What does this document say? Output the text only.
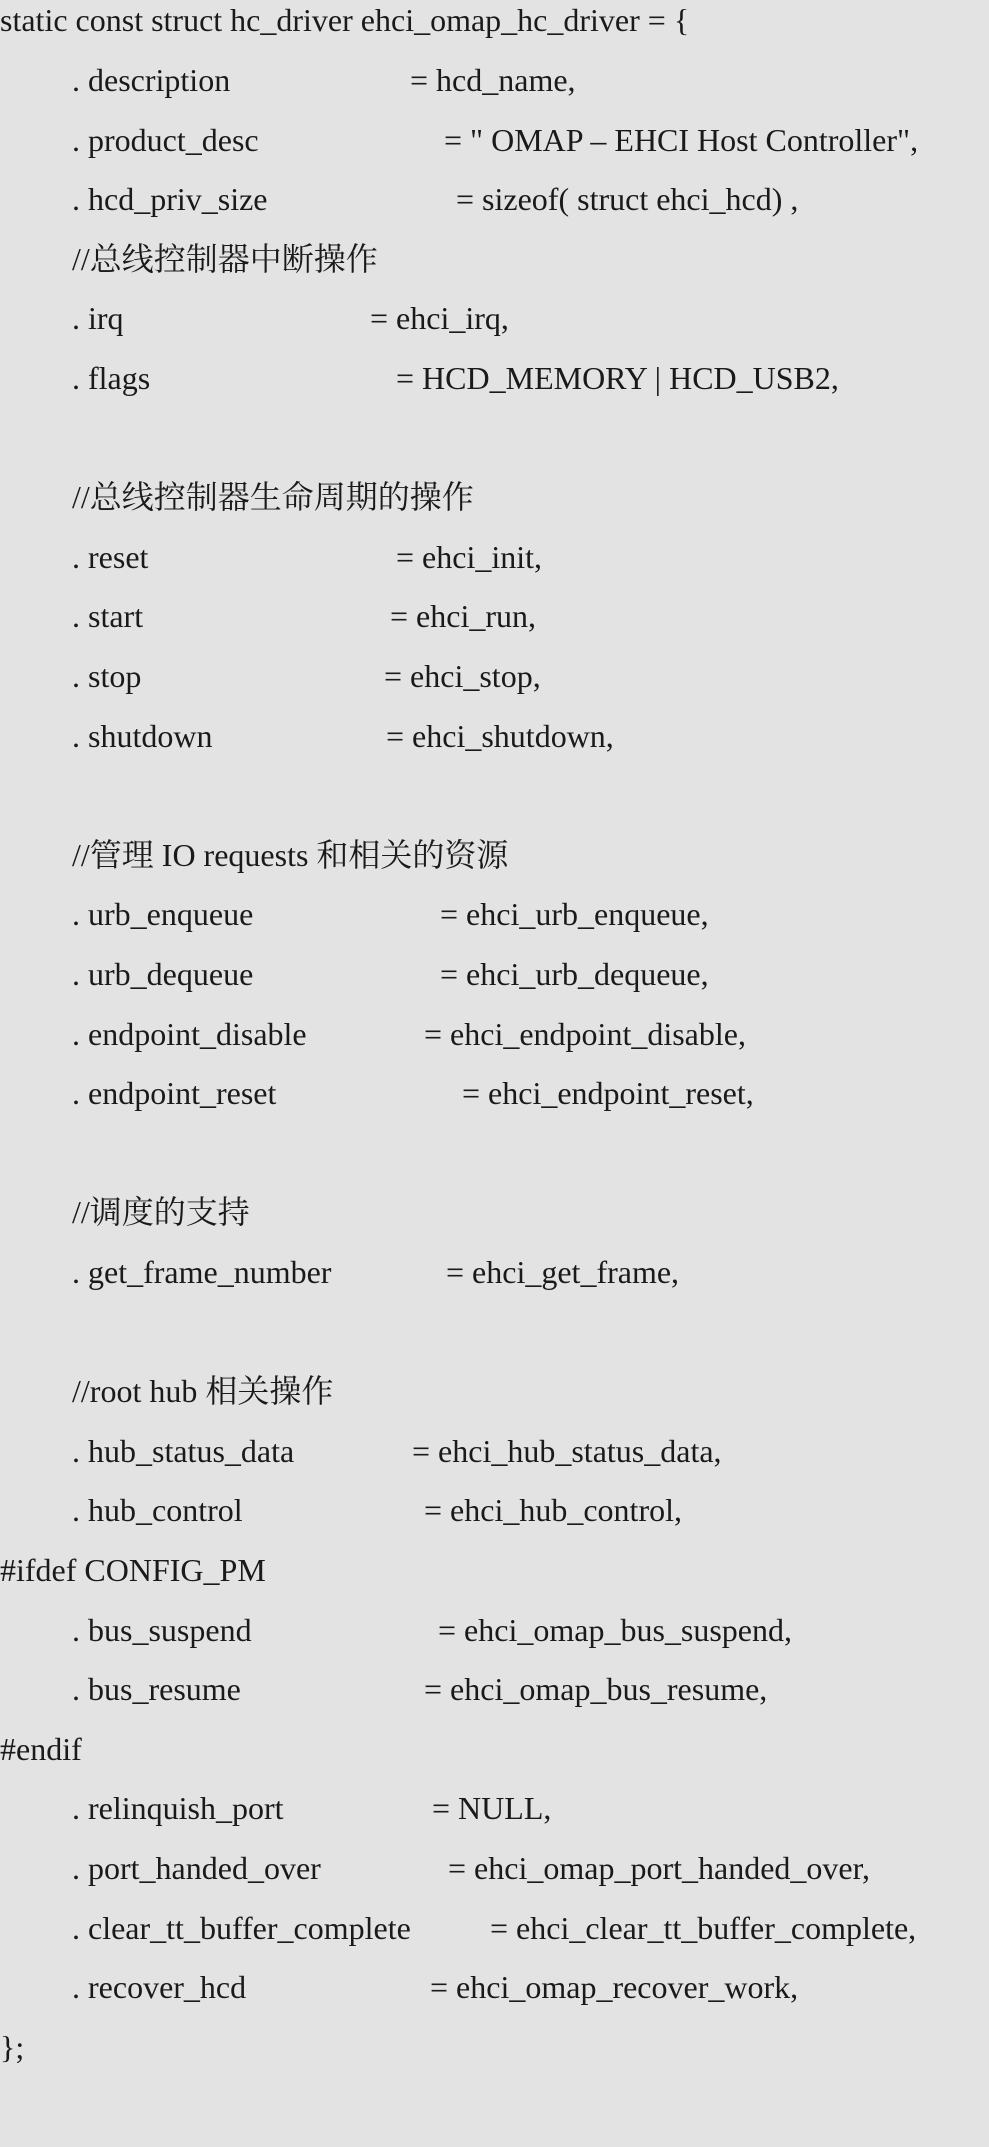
static const struct hc_driver ehci_omap_hc_driver = {

. description	= hcd_name,
. product_desc	= " OMAP – EHCI Host Controller",
. hcd_priv_size	= sizeof( struct ehci_hcd) ,
//总线控制器中断操作
. irq	= ehci_irq,
. flags	= HCD_MEMORY | HCD_USB2,
//总线控制器生命周期的操作
. reset	= ehci_init,
. start	= ehci_run,
. stop	= ehci_stop,
. shutdown	= ehci_shutdown,
//管理 IO requests 和相关的资源
. urb_enqueue	= ehci_urb_enqueue,
. urb_dequeue	= ehci_urb_dequeue,
. endpoint_disable	= ehci_endpoint_disable,
. endpoint_reset	= ehci_endpoint_reset,
//调度的支持
. get_frame_number	= ehci_get_frame,
//root hub 相关操作
. hub_status_data	= ehci_hub_status_data,
. hub_control	= ehci_hub_control,
#ifdef CONFIG_PM
. bus_suspend	= ehci_omap_bus_suspend,
. bus_resume	= ehci_omap_bus_resume,
#endif
. relinquish_port	= NULL,
. port_handed_over	= ehci_omap_port_handed_over,
. clear_tt_buffer_complete = ehci_clear_tt_buffer_complete,
. recover_hcd	= ehci_omap_recover_work,

};
